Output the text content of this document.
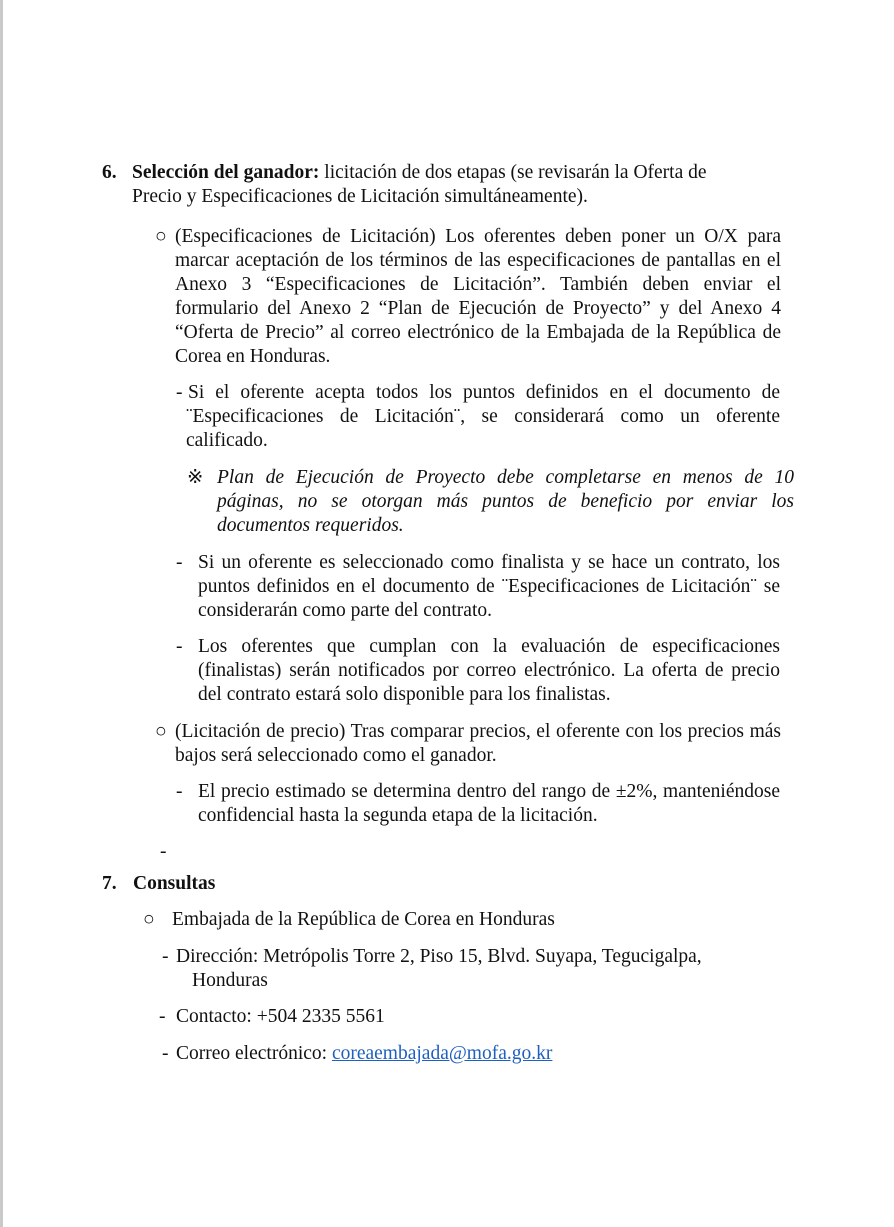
6. Selección del ganador: licitación de dos etapas (se revisarán la Oferta de Precio y Especificaciones de Licitación simultáneamente).
○ (Especificaciones de Licitación) Los oferentes deben poner un O/X para marcar aceptación de los términos de las especificaciones de pantallas en el Anexo 3 “Especificaciones de Licitación”. También deben enviar el formulario del Anexo 2 “Plan de Ejecución de Proyecto” y del Anexo 4 “Oferta de Precio” al correo electrónico de la Embajada de la República de Corea en Honduras.
- Si el oferente acepta todos los puntos definidos en el documento de ¨Especificaciones de Licitación¨, se considerará como un oferente calificado.
※ Plan de Ejecución de Proyecto debe completarse en menos de 10 páginas, no se otorgan más puntos de beneficio por enviar los documentos requeridos.
- Si un oferente es seleccionado como finalista y se hace un contrato, los puntos definidos en el documento de ¨Especificaciones de Licitación¨ se considerarán como parte del contrato.
- Los oferentes que cumplan con la evaluación de especificaciones (finalistas) serán notificados por correo electrónico. La oferta de precio del contrato estará solo disponible para los finalistas.
○ (Licitación de precio) Tras comparar precios, el oferente con los precios más bajos será seleccionado como el ganador.
- El precio estimado se determina dentro del rango de ±2%, manteniéndose confidencial hasta la segunda etapa de la licitación.
-
7. Consultas
○ Embajada de la República de Corea en Honduras
- Dirección: Metrópolis Torre 2, Piso 15, Blvd. Suyapa, Tegucigalpa, Honduras
- Contacto: +504 2335 5561
- Correo electrónico: coreaembajada@mofa.go.kr
